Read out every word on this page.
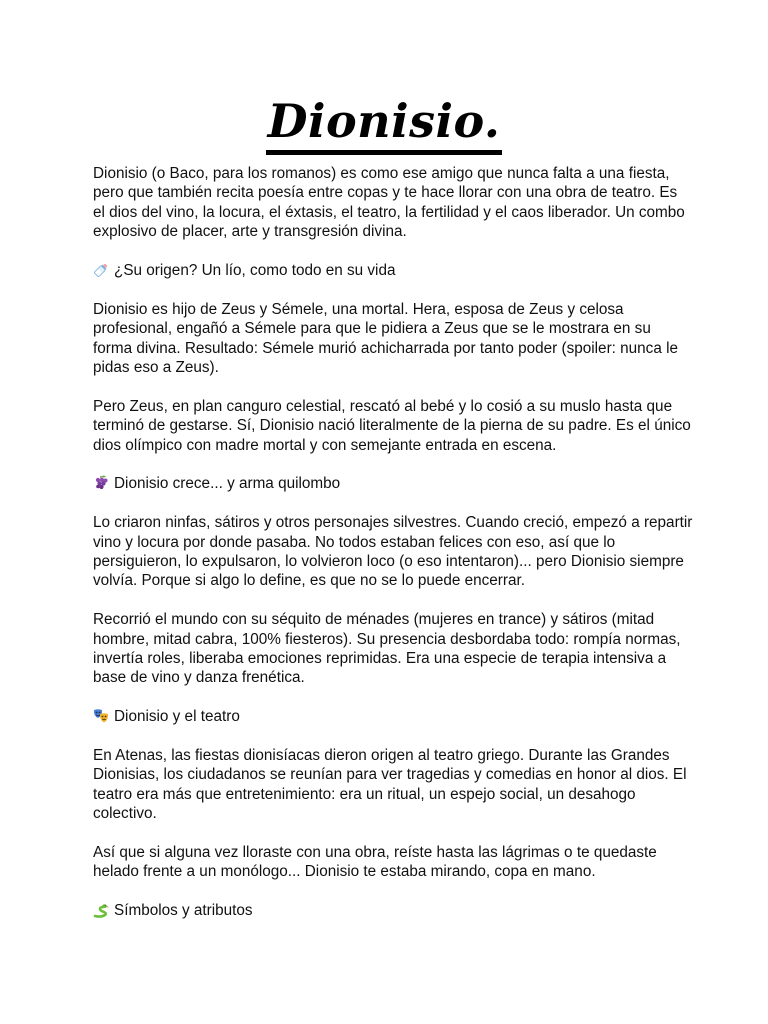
Dionisio.

Dionisio (o Baco, para los romanos) es como ese amigo que nunca falta a una fiesta, pero que también recita poesía entre copas y te hace llorar con una obra de teatro. Es el dios del vino, la locura, el éxtasis, el teatro, la fertilidad y el caos liberador. Un combo explosivo de placer, arte y transgresión divina.

¿Su origen? Un lío, como todo en su vida

Dionisio es hijo de Zeus y Sémele, una mortal. Hera, esposa de Zeus y celosa profesional, engañó a Sémele para que le pidiera a Zeus que se le mostrara en su forma divina. Resultado: Sémele murió achicharrada por tanto poder (spoiler: nunca le pidas eso a Zeus).

Pero Zeus, en plan canguro celestial, rescató al bebé y lo cosió a su muslo hasta que terminó de gestarse. Sí, Dionisio nació literalmente de la pierna de su padre. Es el único dios olímpico con madre mortal y con semejante entrada en escena.

Dionisio crece... y arma quilombo

Lo criaron ninfas, sátiros y otros personajes silvestres. Cuando creció, empezó a repartir vino y locura por donde pasaba. No todos estaban felices con eso, así que lo persiguieron, lo expulsaron, lo volvieron loco (o eso intentaron)... pero Dionisio siempre volvía. Porque si algo lo define, es que no se lo puede encerrar.

Recorrió el mundo con su séquito de ménades (mujeres en trance) y sátiros (mitad hombre, mitad cabra, 100% fiesteros). Su presencia desbordaba todo: rompía normas, invertía roles, liberaba emociones reprimidas. Era una especie de terapia intensiva a base de vino y danza frenética.

Dionisio y el teatro

En Atenas, las fiestas dionisíacas dieron origen al teatro griego. Durante las Grandes Dionisias, los ciudadanos se reunían para ver tragedias y comedias en honor al dios. El teatro era más que entretenimiento: era un ritual, un espejo social, un desahogo colectivo.

Así que si alguna vez lloraste con una obra, reíste hasta las lágrimas o te quedaste helado frente a un monólogo... Dionisio te estaba mirando, copa en mano.

Símbolos y atributos
